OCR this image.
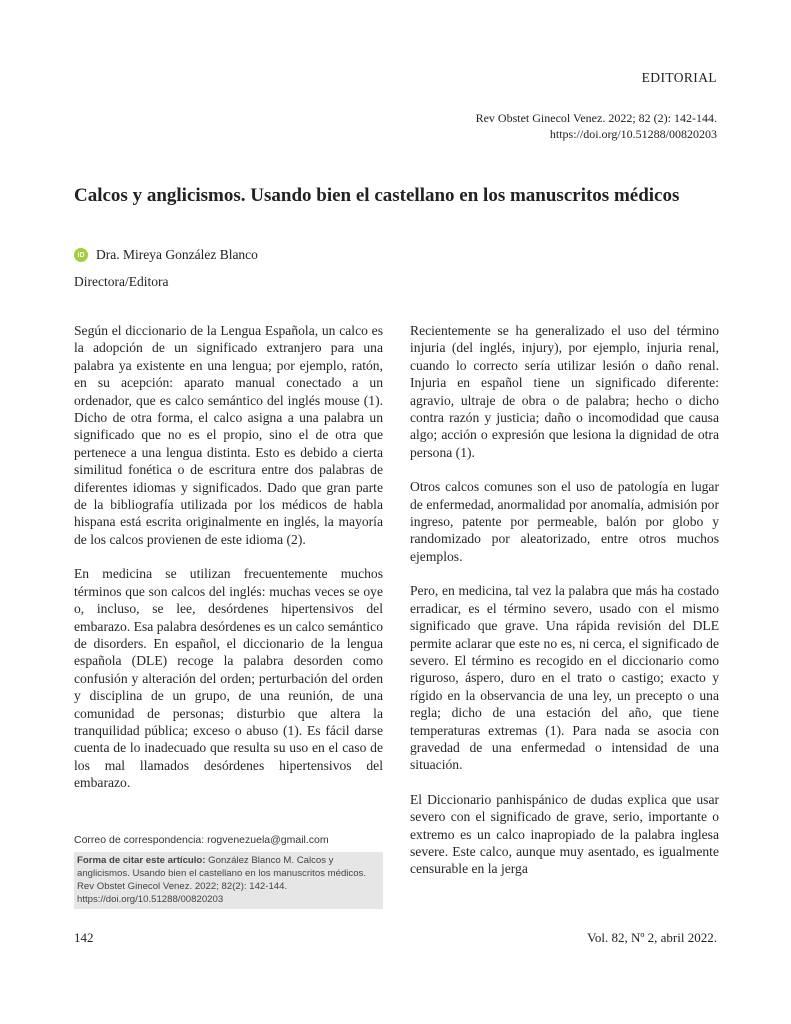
EDITORIAL
Rev Obstet Ginecol Venez. 2022; 82 (2): 142-144.
https://doi.org/10.51288/00820203
Calcos y anglicismos. Usando bien el castellano en los manuscritos médicos
iD Dra. Mireya González Blanco
Directora/Editora

Según el diccionario de la Lengua Española, un calco es la adopción de un significado extranjero para una palabra ya existente en una lengua; por ejemplo, ratón, en su acepción: aparato manual conectado a un ordenador, que es calco semántico del inglés mouse (1). Dicho de otra forma, el calco asigna a una palabra un significado que no es el propio, sino el de otra que pertenece a una lengua distinta. Esto es debido a cierta similitud fonética o de escritura entre dos palabras de diferentes idiomas y significados. Dado que gran parte de la bibliografía utilizada por los médicos de habla hispana está escrita originalmente en inglés, la mayoría de los calcos provienen de este idioma (2).

En medicina se utilizan frecuentemente muchos términos que son calcos del inglés: muchas veces se oye o, incluso, se lee, desórdenes hipertensivos del embarazo. Esa palabra desórdenes es un calco semántico de disorders. En español, el diccionario de la lengua española (DLE) recoge la palabra desorden como confusión y alteración del orden; perturbación del orden y disciplina de un grupo, de una reunión, de una comunidad de personas; disturbio que altera la tranquilidad pública; exceso o abuso (1). Es fácil darse cuenta de lo inadecuado que resulta su uso en el caso de los mal llamados desórdenes hipertensivos del embarazo.

Recientemente se ha generalizado el uso del término injuria (del inglés, injury), por ejemplo, injuria renal, cuando lo correcto sería utilizar lesión o daño renal. Injuria en español tiene un significado diferente: agravio, ultraje de obra o de palabra; hecho o dicho contra razón y justicia; daño o incomodidad que causa algo; acción o expresión que lesiona la dignidad de otra persona (1).

Otros calcos comunes son el uso de patología en lugar de enfermedad, anormalidad por anomalía, admisión por ingreso, patente por permeable, balón por globo y randomizado por aleatorizado, entre otros muchos ejemplos.

Pero, en medicina, tal vez la palabra que más ha costado erradicar, es el término severo, usado con el mismo significado que grave. Una rápida revisión del DLE permite aclarar que este no es, ni cerca, el significado de severo. El término es recogido en el diccionario como riguroso, áspero, duro en el trato o castigo; exacto y rígido en la observancia de una ley, un precepto o una regla; dicho de una estación del año, que tiene temperaturas extremas (1). Para nada se asocia con gravedad de una enfermedad o intensidad de una situación.

El Diccionario panhispánico de dudas explica que usar severo con el significado de grave, serio, importante o extremo es un calco inapropiado de la palabra inglesa severe. Este calco, aunque muy asentado, es igualmente censurable en la jerga

Correo de correspondencia: rogvenezuela@gmail.com
Forma de citar este artículo: González Blanco M. Calcos y anglicismos. Usando bien el castellano en los manuscritos médicos. Rev Obstet Ginecol Venez. 2022; 82(2): 142-144. https://doi.org/10.51288/00820203
142	Vol. 82, Nº 2, abril 2022.
